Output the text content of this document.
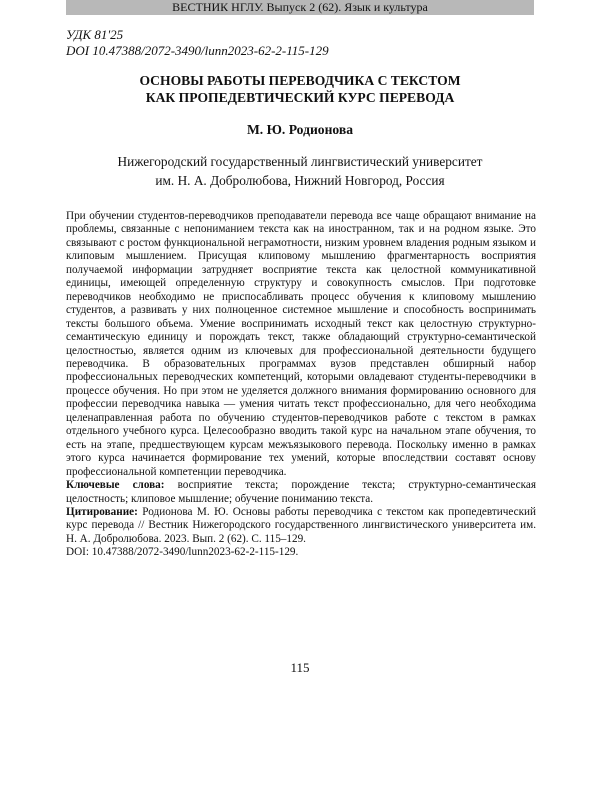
ВЕСТНИК НГЛУ. Выпуск 2 (62). Язык и культура
УДК 81'25
DOI 10.47388/2072-3490/lunn2023-62-2-115-129
ОСНОВЫ РАБОТЫ ПЕРЕВОДЧИКА С ТЕКСТОМ
КАК ПРОПЕДЕВТИЧЕСКИЙ КУРС ПЕРЕВОДА
М. Ю. Родионова
Нижегородский государственный лингвистический университет
им. Н. А. Добролюбова, Нижний Новгород, Россия

При обучении студентов-переводчиков преподаватели перевода все чаще обращают внимание на проблемы, связанные с непониманием текста как на иностранном, так и на родном языке. Это связывают с ростом функциональной неграмотности, низким уровнем владения родным языком и клиповым мышлением. Присущая клиповому мышлению фрагментарность восприятия получаемой информации затрудняет восприятие текста как целостной коммуникативной единицы, имеющей определенную структуру и совокупность смыслов. При подготовке переводчиков необходимо не приспосабливать процесс обучения к клиповому мышлению студентов, а развивать у них полноценное системное мышление и способность воспринимать тексты большого объема. Умение воспринимать исходный текст как целостную структурно-семантическую единицу и порождать текст, также обладающий структурно-семантической целостностью, является одним из ключевых для профессиональной деятельности будущего переводчика. В образовательных программах вузов представлен обширный набор профессиональных переводческих компетенций, которыми овладевают студенты-переводчики в процессе обучения. Но при этом не уделяется должного внимания формированию основного для профессии переводчика навыка — умения читать текст профессионально, для чего необходима целенаправленная работа по обучению студентов-переводчиков работе с текстом в рамках отдельного учебного курса. Целесообразно вводить такой курс на начальном этапе обучения, то есть на этапе, предшествующем курсам межъязыкового перевода. Поскольку именно в рамках этого курса начинается формирование тех умений, которые впоследствии составят основу профессиональной компетенции переводчика.

Ключевые слова: восприятие текста; порождение текста; структурно-семантическая целостность; клиповое мышление; обучение пониманию текста.

Цитирование: Родионова М. Ю. Основы работы переводчика с текстом как пропедевтический курс перевода // Вестник Нижегородского государственного лингвистического университета им. Н. А. Добролюбова. 2023. Вып. 2 (62). С. 115–129.

DOI: 10.47388/2072-3490/lunn2023-62-2-115-129.

115
